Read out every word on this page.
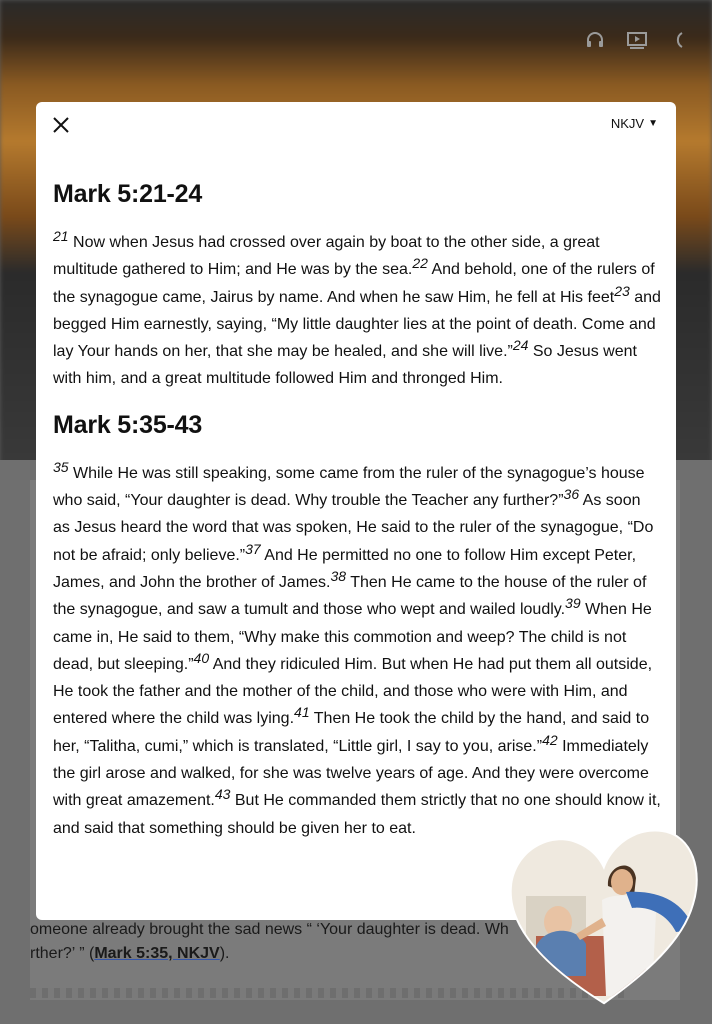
omeone already brought the sad news “ ‘Your daughter is dead. Wh
rther?’ ” (Mark 5:35, NKJV).
NKJV ▼
Mark 5:21-24

$^{21}$ Now when Jesus had crossed over again by boat to the other side, a great multitude gathered to Him; and He was by the sea.$^{22}$ And behold, one of the rulers of the synagogue came, Jairus by name. And when he saw Him, he fell at His feet$^{23}$ and begged Him earnestly, saying, “My little daughter lies at the point of death. Come and lay Your hands on her, that she may be healed, and she will live.”$^{24}$ So Jesus went with him, and a great multitude followed Him and thronged Him.

Mark 5:35-43

$^{35}$ While He was still speaking, some came from the ruler of the synagogue’s house who said, “Your daughter is dead. Why trouble the Teacher any further?”$^{36}$ As soon as Jesus heard the word that was spoken, He said to the ruler of the synagogue, “Do not be afraid; only believe.”$^{37}$ And He permitted no one to follow Him except Peter, James, and John the brother of James.$^{38}$ Then He came to the house of the ruler of the synagogue, and saw a tumult and those who wept and wailed loudly.$^{39}$ When He came in, He said to them, “Why make this commotion and weep? The child is not dead, but sleeping.”$^{40}$ And they ridiculed Him. But when He had put them all outside, He took the father and the mother of the child, and those who were with Him, and entered where the child was lying.$^{41}$ Then He took the child by the hand, and said to her, “Talitha, cumi,” which is translated, “Little girl, I say to you, arise.”$^{42}$ Immediately the girl arose and walked, for she was twelve years of age. And they were overcome with great amazement.$^{43}$ But He commanded them strictly that no one should know it, and said that something should be given her to eat.
